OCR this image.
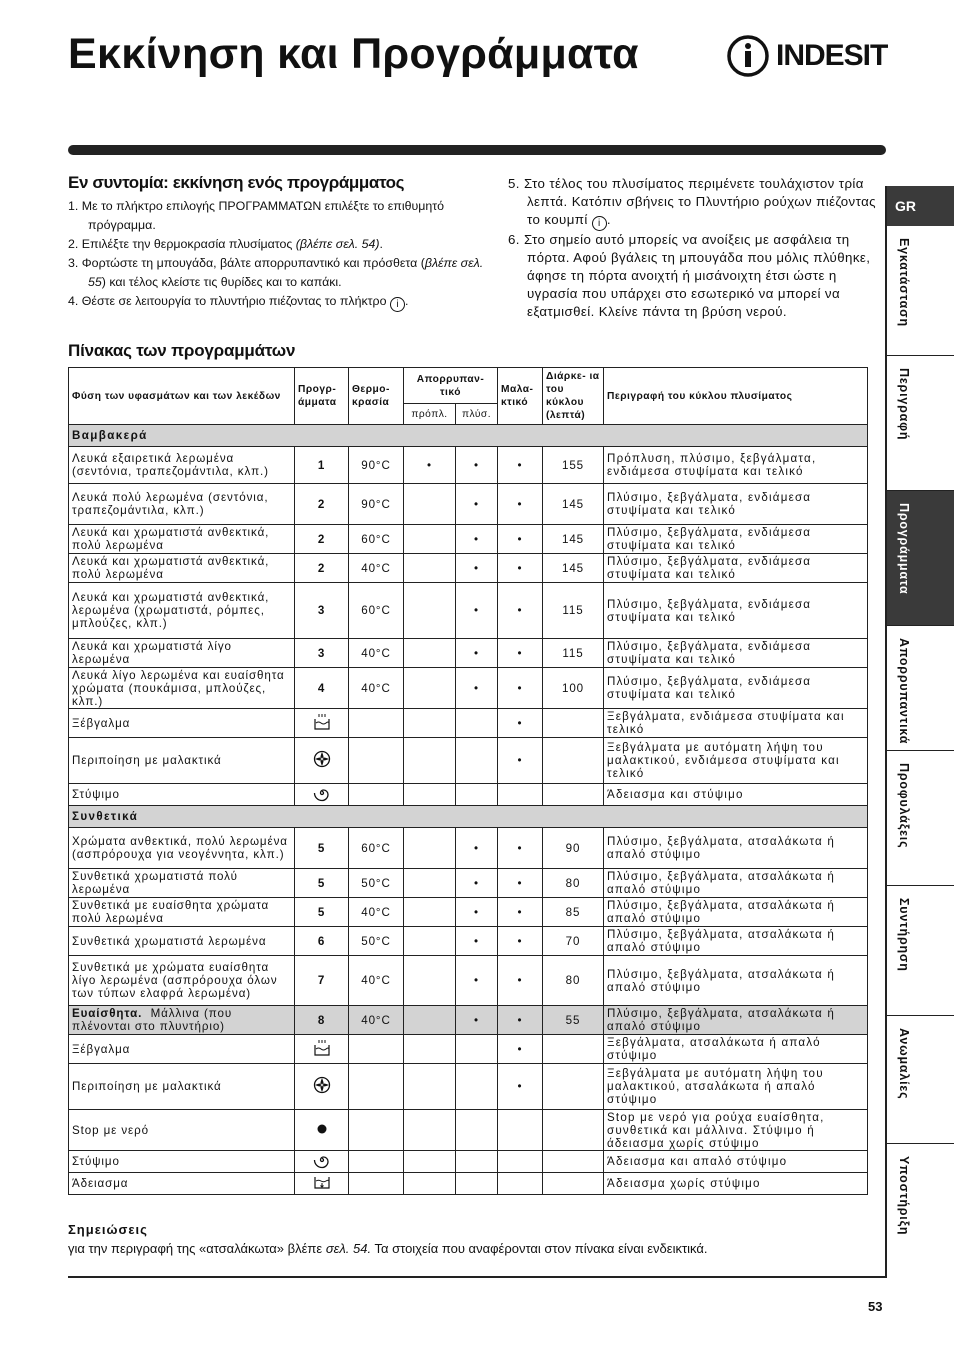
Εκκίνηση και Προγράμματα	INDESIT
Εν συντομία: εκκίνηση ενός προγράμματος
1. Με το πλήκτρο επιλογής ΠΡΟΓΡΑΜΜΑΤΩΝ επιλέξτε το επιθυμητό πρόγραμμα.
2. Επιλέξτε την θερμοκρασία πλυσίματος (βλέπε σελ. 54).
3. Φορτώστε τη μπουγάδα, βάλτε απορρυπαντικό και πρόσθετα (βλέπε σελ. 55) και τέλος κλείστε τις θυρίδες και το καπάκι.
4. Θέστε σε λειτουργία το πλυντήριο πιέζοντας το πλήκτρο i .

5. Στο τέλος του πλυσίματος περιμένετε τουλάχιστον τρία λεπτά. Κατόπιν σβήνεις το Πλυντήριο ρούχων πιέζοντας το κουμπί i .

6. Στο σημείο αυτό μπορείς να ανοίξεις με ασφάλεια τη πόρτα. Αφού βγάλεις τη μπουγάδα που μόλις πλύθηκε, άφησε τη πόρτα ανοιχτή ή μισάνοιχτη έτσι ώστε η υγρασία που υπάρχει στο εσωτερικό να μπορεί να εξατμισθεί. Κλείνε πάντα τη βρύση νερού.

Πίνακας των προγραμμάτων
Φύση των υφασμάτων και των λεκέδων	Προγρ- άμματα	Θερμο- κρασία	Απορρυπαν- τικό		Μαλα- κτικό	Διάρκε- ια του κύκλου (λεπτά)	Περιγραφή του κύκλου πλυσίματος
			πρόπλ.	πλύσ.			
Βαμβακερά							
Λευκά εξαιρετικά λερωμένα (σεντόνια, τραπεζομάντιλα, κλπ.)	1	90°C	•	•	•	155	Πρόπλυση, πλύσιμο, ξεβγάλματα, ενδιάμεσα στυψίματα και τελικό
Λευκά πολύ λερωμένα (σεντόνια, τραπεζομάντιλα, κλπ.)	2	90°C		•	•	145	Πλύσιμο, ξεβγάλματα, ενδιάμεσα στυψίματα και τελικό
Λευκά και χρωματιστά ανθεκτικά, πολύ λερωμένα	2	60°C		•	•	145	Πλύσιμο, ξεβγάλματα, ενδιάμεσα στυψίματα και τελικό
Λευκά και χρωματιστά ανθεκτικά, πολύ λερωμένα	2	40°C		•	•	145	Πλύσιμο, ξεβγάλματα, ενδιάμεσα στυψίματα και τελικό
Λευκά και χρωματιστά ανθεκτικά, λερωμένα (χρωματιστά, ρόμπες, μπλούζες, κλπ.)	3	60°C		•	•	115	Πλύσιμο, ξεβγάλματα, ενδιάμεσα στυψίματα και τελικό
Λευκά και χρωματιστά λίγο λερωμένα	3	40°C		•	•	115	Πλύσιμο, ξεβγάλματα, ενδιάμεσα στυψίματα και τελικό
Λευκά λίγο λερωμένα και ευαίσθητα χρώματα (πουκάμισα, μπλούζες, κλπ.)	4	40°C		•	•	100	Πλύσιμο, ξεβγάλματα, ενδιάμεσα στυψίματα και τελικό
Ξέβγαλμα					•		Ξεβγάλματα, ενδιάμεσα στυψίματα και τελικό
Περιποίηση με μαλακτικά					•		Ξεβγάλματα με αυτόματη λήψη του μαλακτικού, ενδιάμεσα στυψίματα και τελικό
Στύψιμο							Άδειασμα και στύψιμο
Συνθετικά							
Χρώματα ανθεκτικά, πολύ λερωμένα (ασπρόρουχα για νεογέννητα, κλπ.)	5	60°C		•	•	90	Πλύσιμο, ξεβγάλματα, ατσαλάκωτα ή απαλό στύψιμο
Συνθετικά χρωματιστά πολύ λερωμένα	5	50°C		•	•	80	Πλύσιμο, ξεβγάλματα, ατσαλάκωτα ή απαλό στύψιμο
Συνθετικά με ευαίσθητα χρώματα πολύ λερωμένα	5	40°C		•	•	85	Πλύσιμο, ξεβγάλματα, ατσαλάκωτα ή απαλό στύψιμο
Συνθετικά χρωματιστά λερωμένα	6	50°C		•	•	70	Πλύσιμο, ξεβγάλματα, ατσαλάκωτα ή απαλό στύψιμο
Συνθετικά με χρώματα ευαίσθητα λίγο λερωμένα (ασπρόρουχα όλων των τύπων ελαφρά λερωμένα)	7	40°C		•	•	80	Πλύσιμο, ξεβγάλματα, ατσαλάκωτα ή απαλό στύψιμο
Ευαίσθητα. Μάλλινα (που πλένονται στο πλυντήριο)	8	40°C		•	•	55	Πλύσιμο, ξεβγάλματα, ατσαλάκωτα ή απαλό στύψιμο
Ξέβγαλμα					•		Ξεβγάλματα, ατσαλάκωτα ή απαλό στύψιμο
Περιποίηση με μαλακτικά					•		Ξεβγάλματα με αυτόματη λήψη του μαλακτικού, ατσαλάκωτα ή απαλό στύψιμο
Stop με νερό							Stop με νερό για ρούχα ευαίσθητα, συνθετικά και μάλλινα. Στύψιμο ή άδειασμα χωρίς στύψιμο
Στύψιμο							Άδειασμα και απαλό στύψιμο
Άδειασμα							Άδειασμα χωρίς στύψιμο
Σημειώσεις

για την περιγραφή της «ατσαλάκωτα» βλέπε σελ. 54. Τα στοιχεία που αναφέρονται στον πίνακα είναι ενδεικτικά.

53
GR
Εγκατάσταση
Περιγραφή
Προγράμματα
Απορρυπαντικά
Προφυλάξεις
Συντήρηση
Ανωμαλίες
Υποστήριξη
